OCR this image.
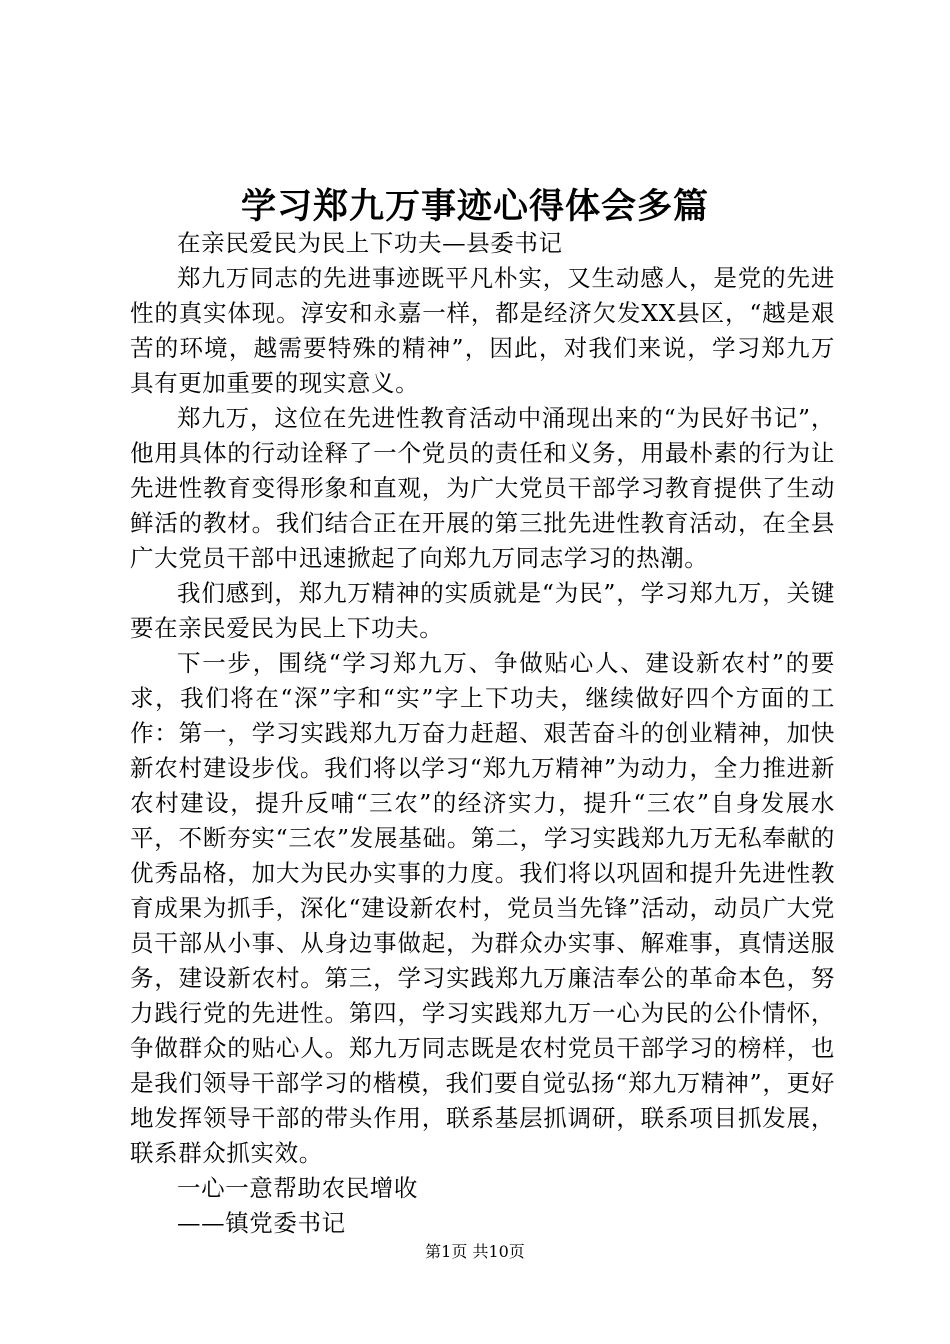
学习郑九万事迹心得体会多篇

在亲民爱民为民上下功夫—县委书记

郑九万同志的先进事迹既平凡朴实，又生动感人，是党的先进性的真实体现。淳安和永嘉一样，都是经济欠发XX县区，“越是艰苦的环境，越需要特殊的精神”，因此，对我们来说，学习郑九万具有更加重要的现实意义。

郑九万，这位在先进性教育活动中涌现出来的“为民好书记”，他用具体的行动诠释了一个党员的责任和义务，用最朴素的行为让先进性教育变得形象和直观，为广大党员干部学习教育提供了生动鲜活的教材。我们结合正在开展的第三批先进性教育活动，在全县广大党员干部中迅速掀起了向郑九万同志学习的热潮。

我们感到，郑九万精神的实质就是“为民”，学习郑九万，关键要在亲民爱民为民上下功夫。

下一步，围绕“学习郑九万、争做贴心人、建设新农村”的要求，我们将在“深”字和“实”字上下功夫，继续做好四个方面的工作：第一，学习实践郑九万奋力赶超、艰苦奋斗的创业精神，加快新农村建设步伐。我们将以学习“郑九万精神”为动力，全力推进新农村建设，提升反哺“三农”的经济实力，提升“三农”自身发展水平，不断夯实“三农”发展基础。第二，学习实践郑九万无私奉献的优秀品格，加大为民办实事的力度。我们将以巩固和提升先进性教育成果为抓手，深化“建设新农村，党员当先锋”活动，动员广大党员干部从小事、从身边事做起，为群众办实事、解难事，真情送服务，建设新农村。第三，学习实践郑九万廉洁奉公的革命本色，努力践行党的先进性。第四，学习实践郑九万一心为民的公仆情怀，争做群众的贴心人。郑九万同志既是农村党员干部学习的榜样，也是我们领导干部学习的楷模，我们要自觉弘扬“郑九万精神”，更好地发挥领导干部的带头作用，联系基层抓调研，联系项目抓发展，联系群众抓实效。

一心一意帮助农民增收

——镇党委书记

第1页 共10页
